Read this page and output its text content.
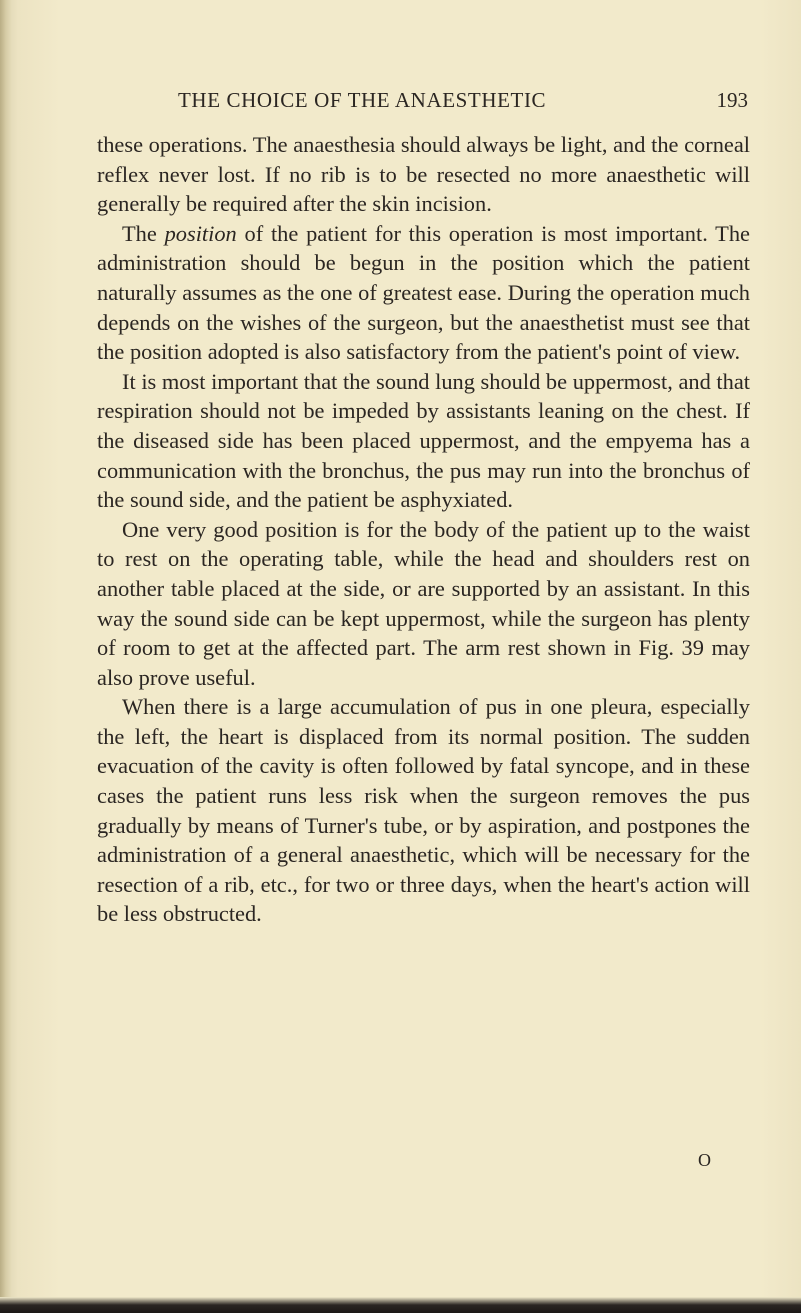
THE CHOICE OF THE ANAESTHETIC	193

these operations. The anaesthesia should always be light, and the corneal reflex never lost. If no rib is to be resected no more anaesthetic will generally be required after the skin incision.

The position of the patient for this operation is most important. The administration should be begun in the position which the patient naturally assumes as the one of greatest ease. During the operation much depends on the wishes of the surgeon, but the anaesthetist must see that the position adopted is also satisfactory from the patient's point of view.

It is most important that the sound lung should be uppermost, and that respiration should not be impeded by assistants leaning on the chest. If the diseased side has been placed uppermost, and the empyema has a communication with the bronchus, the pus may run into the bronchus of the sound side, and the patient be asphyxiated.

One very good position is for the body of the patient up to the waist to rest on the operating table, while the head and shoulders rest on another table placed at the side, or are supported by an assistant. In this way the sound side can be kept uppermost, while the surgeon has plenty of room to get at the affected part. The arm rest shown in Fig. 39 may also prove useful.

When there is a large accumulation of pus in one pleura, especially the left, the heart is displaced from its normal position. The sudden evacuation of the cavity is often followed by fatal syncope, and in these cases the patient runs less risk when the surgeon removes the pus gradually by means of Turner's tube, or by aspiration, and postpones the administration of a general anaesthetic, which will be necessary for the resection of a rib, etc., for two or three days, when the heart's action will be less obstructed.

O
